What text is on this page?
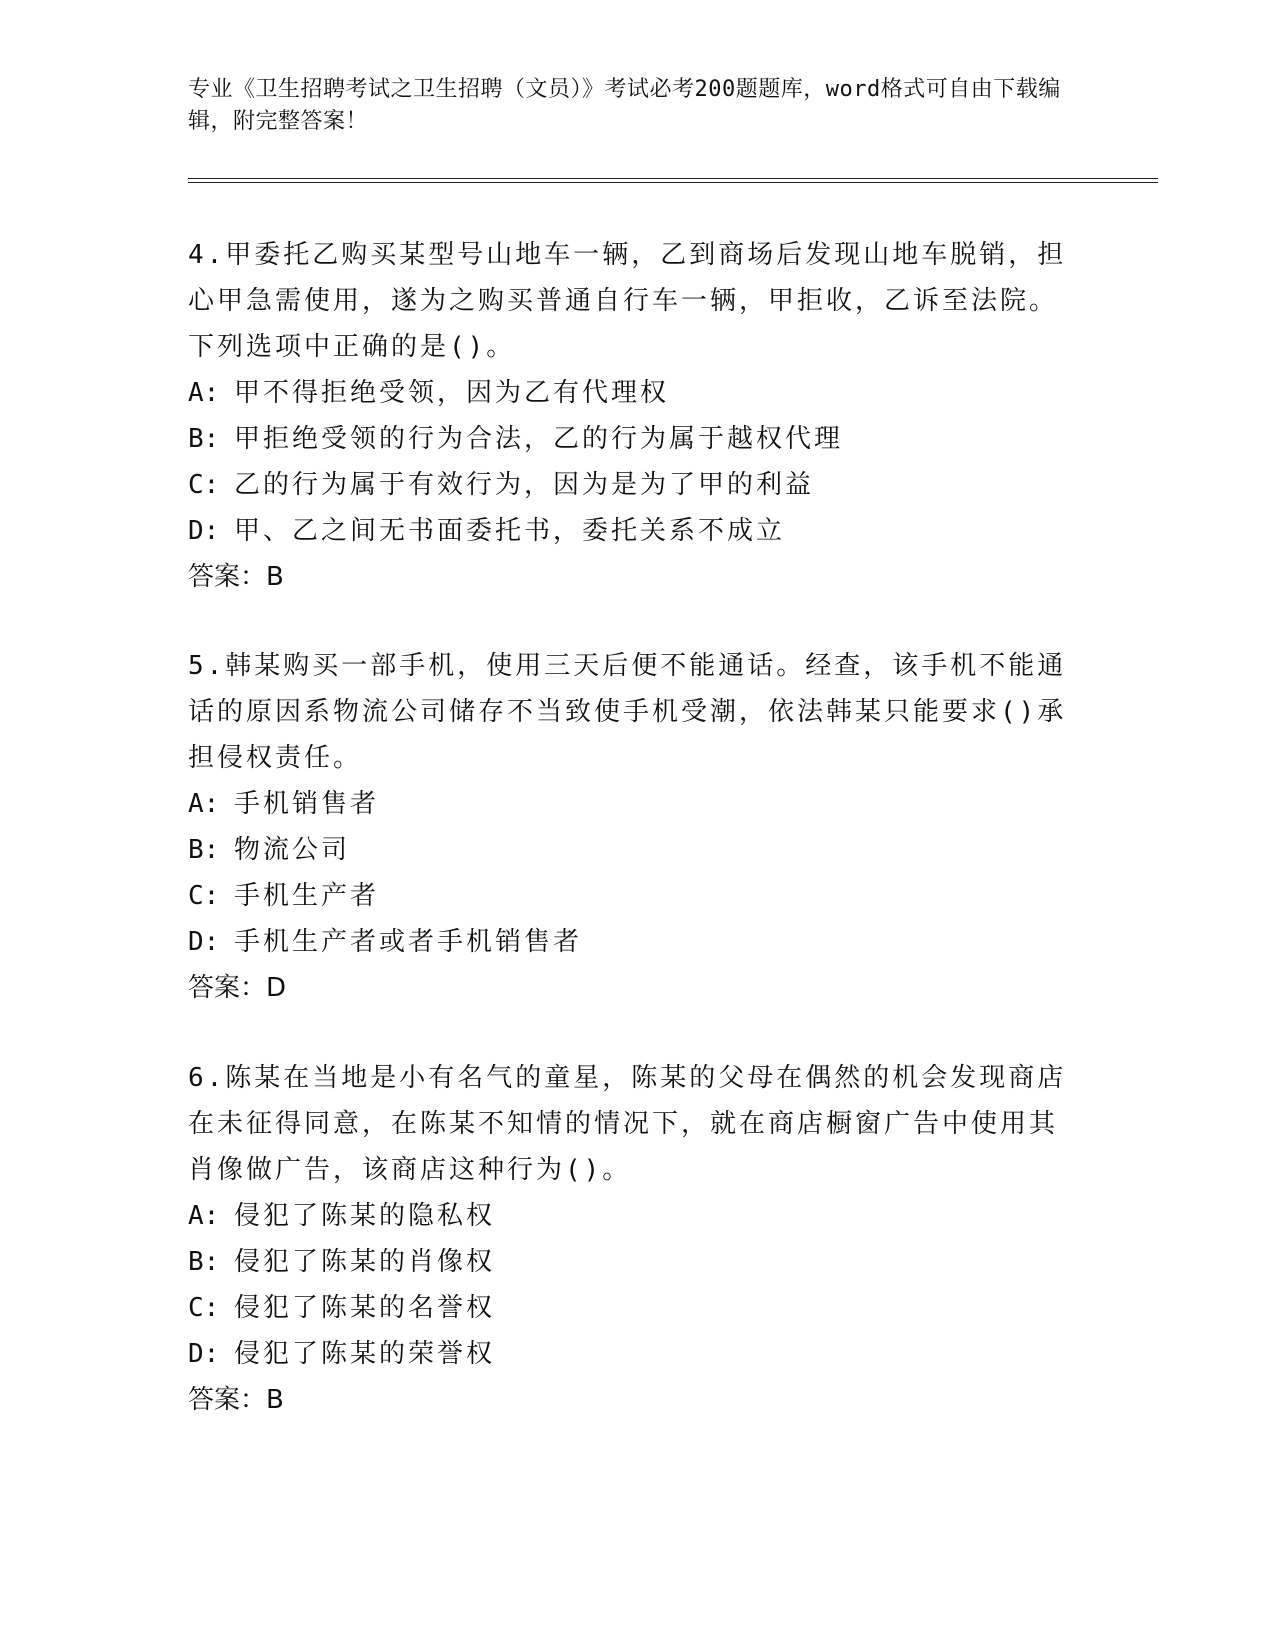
专业《卫生招聘考试之卫生招聘（文员）》考试必考200题题库，word格式可自由下载编辑，附完整答案！

4.甲委托乙购买某型号山地车一辆，乙到商场后发现山地车脱销，担心甲急需使用，遂为之购买普通自行车一辆，甲拒收，乙诉至法院。下列选项中正确的是()。

A: 甲不得拒绝受领，因为乙有代理权

B: 甲拒绝受领的行为合法，乙的行为属于越权代理

C: 乙的行为属于有效行为，因为是为了甲的利益

D: 甲、乙之间无书面委托书，委托关系不成立

答案：B

5.韩某购买一部手机，使用三天后便不能通话。经查，该手机不能通话的原因系物流公司储存不当致使手机受潮，依法韩某只能要求()承担侵权责任。

A: 手机销售者

B: 物流公司

C: 手机生产者

D: 手机生产者或者手机销售者

答案：D

6.陈某在当地是小有名气的童星，陈某的父母在偶然的机会发现商店在未征得同意，在陈某不知情的情况下，就在商店橱窗广告中使用其肖像做广告，该商店这种行为()。

A: 侵犯了陈某的隐私权

B: 侵犯了陈某的肖像权

C: 侵犯了陈某的名誉权

D: 侵犯了陈某的荣誉权

答案：B
